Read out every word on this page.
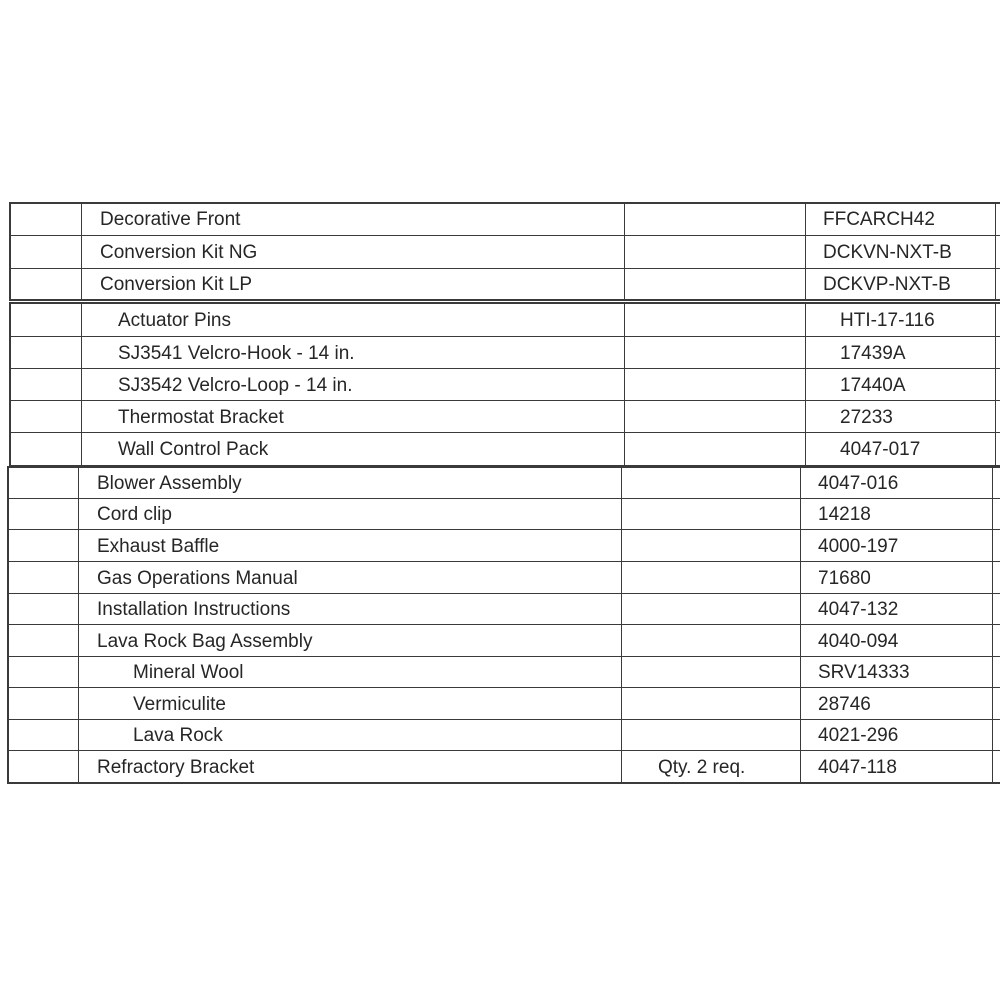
Decorative Front	FFCARCH42
Conversion Kit NG	DCKVN-NXT-B
Conversion Kit LP	DCKVP-NXT-B
Actuator Pins	HTI-17-116
SJ3541 Velcro-Hook - 14 in.	17439A
SJ3542 Velcro-Loop - 14 in.	17440A
Thermostat Bracket	27233
Wall Control Pack	4047-017
Blower Assembly	4047-016
Cord clip	14218
Exhaust Baffle	4000-197
Gas Operations Manual	71680
Installation Instructions	4047-132
Lava Rock Bag Assembly	4040-094
Mineral Wool	SRV14333
Vermiculite	28746
Lava Rock	4021-296
Refractory Bracket	Qty. 2 req.	4047-118
